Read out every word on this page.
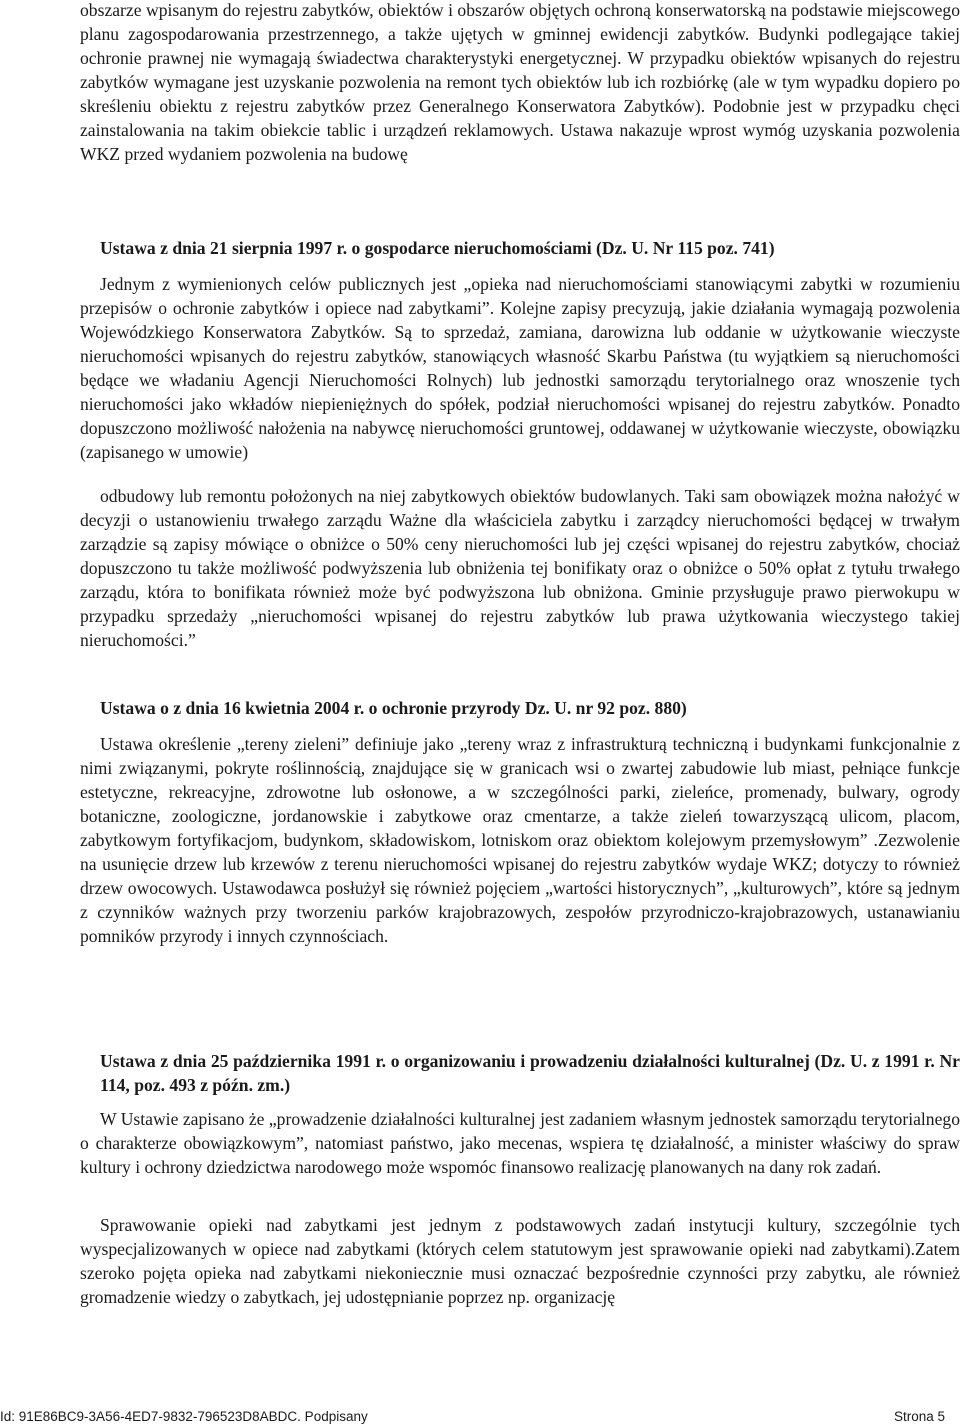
obszarze wpisanym do rejestru zabytków, obiektów i obszarów objętych ochroną konserwatorską na podstawie miejscowego planu zagospodarowania przestrzennego, a także ujętych w gminnej ewidencji zabytków. Budynki podlegające takiej ochronie prawnej nie wymagają świadectwa charakterystyki energetycznej. W przypadku obiektów wpisanych do rejestru zabytków wymagane jest uzyskanie pozwolenia na remont tych obiektów lub ich rozbiórkę (ale w tym wypadku dopiero po skreśleniu obiektu z rejestru zabytków przez Generalnego Konserwatora Zabytków). Podobnie jest w przypadku chęci zainstalowania na takim obiekcie tablic i urządzeń reklamowych. Ustawa nakazuje wprost wymóg uzyskania pozwolenia WKZ przed wydaniem pozwolenia na budowę

Ustawa z dnia 21 sierpnia 1997 r. o gospodarce nieruchomościami (Dz. U. Nr 115 poz. 741)

Jednym z wymienionych celów publicznych jest „opieka nad nieruchomościami stanowiącymi zabytki w rozumieniu przepisów o ochronie zabytków i opiece nad zabytkami”. Kolejne zapisy precyzują, jakie działania wymagają pozwolenia Wojewódzkiego Konserwatora Zabytków. Są to sprzedaż, zamiana, darowizna lub oddanie w użytkowanie wieczyste nieruchomości wpisanych do rejestru zabytków, stanowiących własność Skarbu Państwa (tu wyjątkiem są nieruchomości będące we władaniu Agencji Nieruchomości Rolnych) lub jednostki samorządu terytorialnego oraz wnoszenie tych nieruchomości jako wkładów niepieniężnych do spółek, podział nieruchomości wpisanej do rejestru zabytków. Ponadto dopuszczono możliwość nałożenia na nabywcę nieruchomości gruntowej, oddawanej w użytkowanie wieczyste, obowiązku (zapisanego w umowie)

odbudowy lub remontu położonych na niej zabytkowych obiektów budowlanych. Taki sam obowiązek można nałożyć w decyzji o ustanowieniu trwałego zarządu Ważne dla właściciela zabytku i zarządcy nieruchomości będącej w trwałym zarządzie są zapisy mówiące o obniżce o 50% ceny nieruchomości lub jej części wpisanej do rejestru zabytków, chociaż dopuszczono tu także możliwość podwyższenia lub obniżenia tej bonifikaty oraz o obniżce o 50% opłat z tytułu trwałego zarządu, która to bonifikata również może być podwyższona lub obniżona. Gminie przysługuje prawo pierwokupu w przypadku sprzedaży „nieruchomości wpisanej do rejestru zabytków lub prawa użytkowania wieczystego takiej nieruchomości.”

Ustawa o z dnia 16 kwietnia 2004 r. o ochronie przyrody Dz. U. nr 92 poz. 880)

Ustawa określenie „tereny zieleni” definiuje jako „tereny wraz z infrastrukturą techniczną i budynkami funkcjonalnie z nimi związanymi, pokryte roślinnością, znajdujące się w granicach wsi o zwartej zabudowie lub miast, pełniące funkcje estetyczne, rekreacyjne, zdrowotne lub osłonowe, a w szczególności parki, zieleńce, promenady, bulwary, ogrody botaniczne, zoologiczne, jordanowskie i zabytkowe oraz cmentarze, a także zieleń towarzyszącą ulicom, placom, zabytkowym fortyfikacjom, budynkom, składowiskom, lotniskom oraz obiektom kolejowym przemysłowym” .Zezwolenie na usunięcie drzew lub krzewów z terenu nieruchomości wpisanej do rejestru zabytków wydaje WKZ; dotyczy to również drzew owocowych. Ustawodawca posłużył się również pojęciem „wartości historycznych”, „kulturowych”, które są jednym z czynników ważnych przy tworzeniu parków krajobrazowych, zespołów przyrodniczo-krajobrazowych, ustanawianiu pomników przyrody i innych czynnościach.

Ustawa z dnia 25 października 1991 r. o organizowaniu i prowadzeniu działalności kulturalnej (Dz. U. z 1991 r. Nr 114, poz. 493 z późn. zm.)

W Ustawie zapisano że „prowadzenie działalności kulturalnej jest zadaniem własnym jednostek samorządu terytorialnego o charakterze obowiązkowym”, natomiast państwo, jako mecenas, wspiera tę działalność, a minister właściwy do spraw kultury i ochrony dziedzictwa narodowego może wspomóc finansowo realizację planowanych na dany rok zadań.

Sprawowanie opieki nad zabytkami jest jednym z podstawowych zadań instytucji kultury, szczególnie tych wyspecjalizowanych w opiece nad zabytkami (których celem statutowym jest sprawowanie opieki nad zabytkami).Zatem szeroko pojęta opieka nad zabytkami niekoniecznie musi oznaczać bezpośrednie czynności przy zabytku, ale również gromadzenie wiedzy o zabytkach, jej udostępnianie poprzez np. organizację

Id: 91E86BC9-3A56-4ED7-9832-796523D8ABDC. Podpisany	Strona 5
